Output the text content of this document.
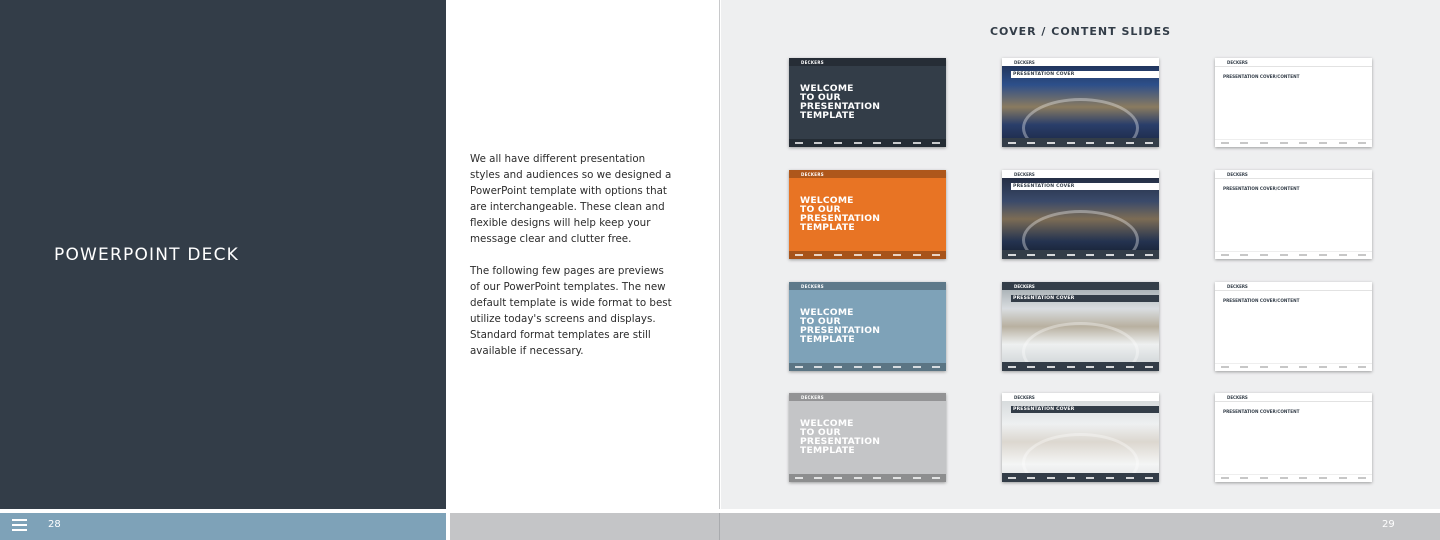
POWERPOINT DECK

We all have different presentation styles and audiences so we designed a PowerPoint template with options that are interchangeable. These clean and flexible designs will help keep your message clear and clutter free.

The following few pages are previews of our PowerPoint templates. The new default template is wide format to best utilize today's screens and displays. Standard format templates are still available if necessary.

COVER / CONTENT SLIDES
DECKERS
WELCOME
TO OUR
PRESENTATION
TEMPLATE
DECKERS
WELCOME
TO OUR
PRESENTATION
TEMPLATE
DECKERS
WELCOME
TO OUR
PRESENTATION
TEMPLATE
DECKERS
WELCOME
TO OUR
PRESENTATION
TEMPLATE
DECKERS
PRESENTATION COVER
DECKERS
PRESENTATION COVER
DECKERS
PRESENTATION COVER
DECKERS
PRESENTATION COVER
DECKERS
PRESENTATION COVER/CONTENT
DECKERS
PRESENTATION COVER/CONTENT
DECKERS
PRESENTATION COVER/CONTENT
DECKERS
PRESENTATION COVER/CONTENT
28	29
